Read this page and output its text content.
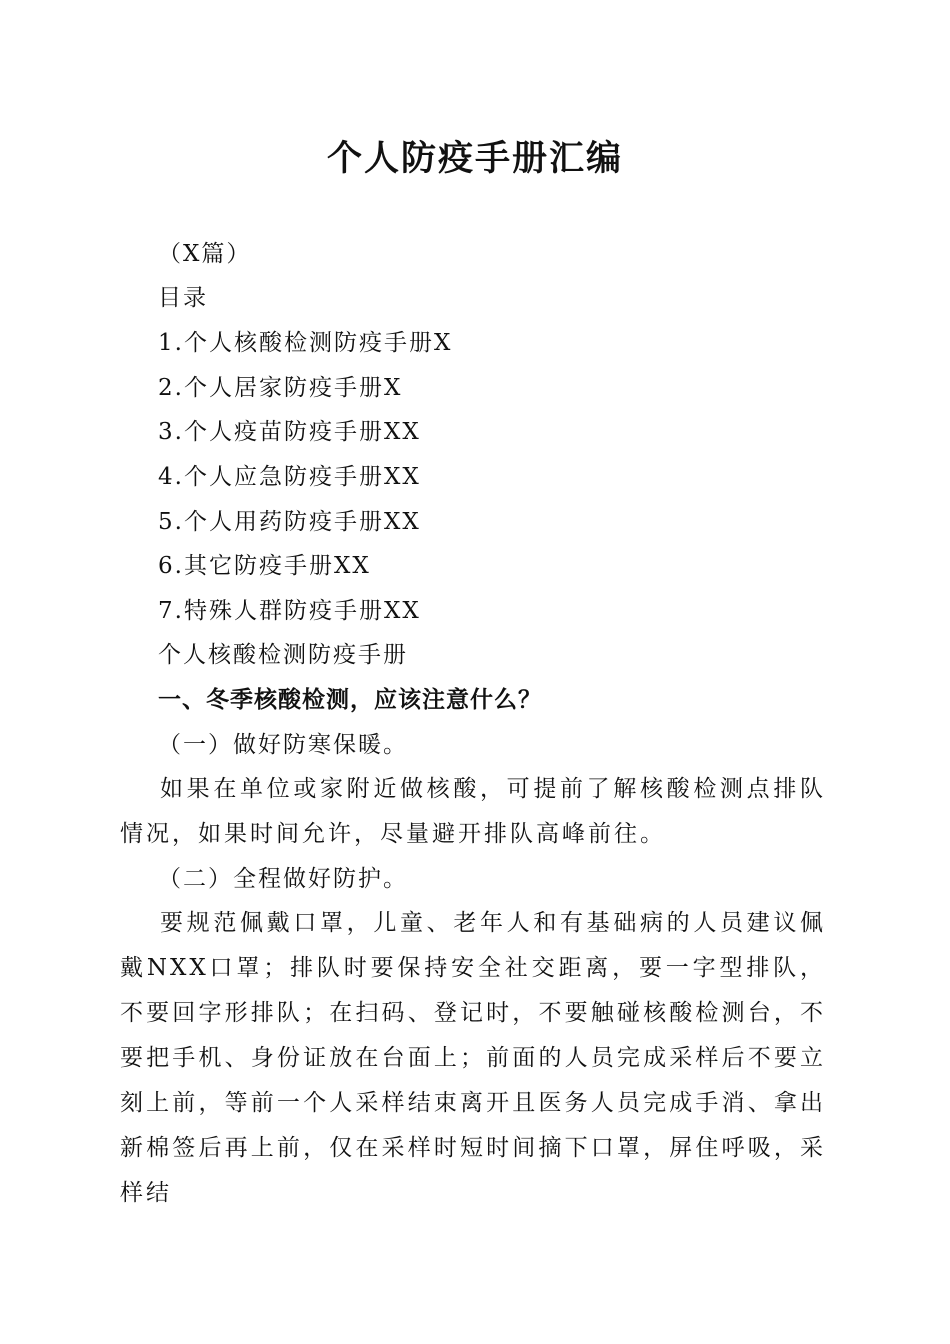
个人防疫手册汇编

（X篇）

目录

1.个人核酸检测防疫手册X

2.个人居家防疫手册X

3.个人疫苗防疫手册XX

4.个人应急防疫手册XX

5.个人用药防疫手册XX

6.其它防疫手册XX

7.特殊人群防疫手册XX

个人核酸检测防疫手册

一、冬季核酸检测，应该注意什么？

（一）做好防寒保暖。

如果在单位或家附近做核酸，可提前了解核酸检测点排队情况，如果时间允许，尽量避开排队高峰前往。

（二）全程做好防护。

要规范佩戴口罩，儿童、老年人和有基础病的人员建议佩戴NXX口罩；排队时要保持安全社交距离，要一字型排队，不要回字形排队；在扫码、登记时，不要触碰核酸检测台，不要把手机、身份证放在台面上；前面的人员完成采样后不要立刻上前，等前一个人采样结束离开且医务人员完成手消、拿出新棉签后再上前，仅在采样时短时间摘下口罩，屏住呼吸，采样结
